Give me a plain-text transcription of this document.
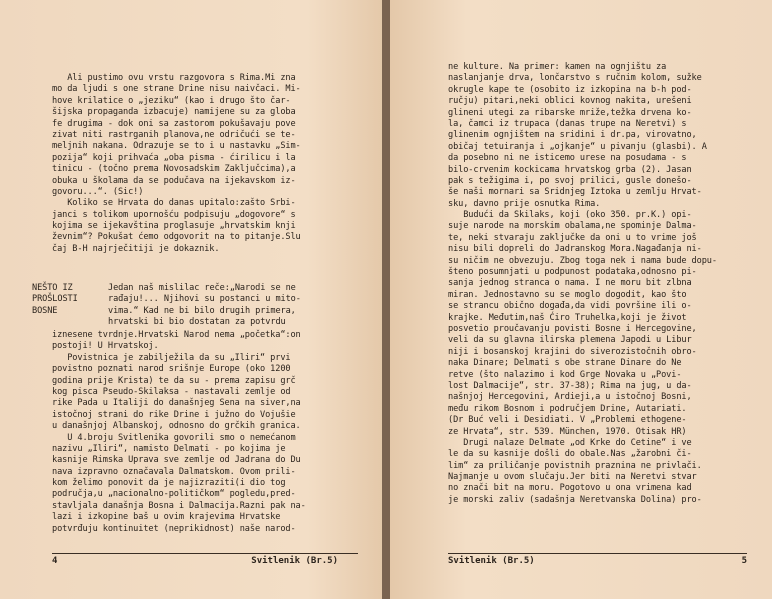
Ali pustimo ovu vrstu razgovora s Rima.Mi zna
mo da ljudi s one strane Drine nisu naivčaci. Mi-
hove krilatice o „jeziku“ (kao i drugo što čar-
šijska propaganda izbacuje) namijene su za globa
fe drugima - dok oni sa zastorom pokušavaju pove
zivat niti rastrganih planova,ne odričući se te-
meljnih nakana. Odrazuje se to i u nastavku „Sim-
pozija“ koji prihvaća „oba pisma - ćirilicu i la
tinicu - (točno prema Novosadskim Zaključcima),a
obuka u školama da se podučava na ijekavskom iz-
govoru...“. (Sic!)
Koliko se Hrvata do danas upitalo:zašto Srbi-
janci s tolikom upornošću podpisuju „dogovore“ s
kojima se ijekavština proglasuje „hrvatskim knji
ževnim“? Pokušat ćemo odgovorit na to pitanje.Slu
čaj B-H najrječitiji je dokaznik.
NEŠTO IZ
PROŠLOSTI
BOSNE
Jedan naš mislilac reče:„Narodi se ne
rađaju!... Njihovi su postanci u mito-
vima.“ Kad ne bi bilo drugih primera,
hrvatski bi bio dostatan za potvrdu
iznesene tvrdnje.Hrvatski Narod nema „početka“:on
postoji! U Hrvatskoj.
Povistnica je zabilježila da su „Iliri“ prvi
povistno poznati narod srišnje Europe (oko 1200
godina prije Krista) te da su - prema zapisu grč
kog pisca Pseudo-Skilaksa - nastavali zemlje od
rike Pada u Italiji do današnjeg Sena na siver,na
istočnoj strani do rike Drine i južno do Vojušie
u današnjoj Albanskoj, odnosno do grčkih granica.
U 4.broju Svitlenika govorili smo o nemećanom
nazivu „Iliri“, namisto Delmati - po kojima je
kasnije Rimska Uprava sve zemlje od Jadrana do Du
nava izpravno označavala Dalmatskom. Ovom prili-
kom želimo ponovit da je najizraziti(i dio tog
područja,u „nacionalno-političkom“ pogledu,pred-
stavljala današnja Bosna i Dalmacija.Razni pak na-
lazi i izkopine baš u ovim krajevima Hrvatske
potvrđuju kontinuitet (neprikidnost) naše narod-
4	Svitlenik (Br.5)
ne kulture. Na primer: kamen na ognjištu za
naslanjanje drva, lončarstvo s ručnim kolom, sužke
okrugle kape te (osobito iz izkopina na b-h pod-
ručju) pitari,neki oblici kovnog nakita, urešeni
glineni utegi za ribarske mriže,težka drvena ko-
la, čamci iz trupaca (danas trupe na Neretvi) s
glinenim ognjištem na sridini i dr.pa, virovatno,
običaj tetuiranja i „ojkanje“ u pivanju (glasbi). A
da posebno ni ne isticemo urese na posudama - s
bilo-crvenim kockicama hrvatskog grba (2). Jasan
pak s težigima i, po svoj prilici, gusle donešo-
še naši mornari sa Sridnjeg Iztoka u zemlju Hrvat-
sku, davno prije osnutka Rima.
Budući da Skilaks, koji (oko 350. pr.K.) opi-
suje narode na morskim obalama,ne spominje Dalma-
te, neki stvaraju zaključke da oni u to vrime još
nisu bili dopreli do Jadranskog Mora.Nagađanja ni-
su ničim ne obvezuju. Zbog toga nek i nama bude dopu-
šteno posumnjati u podpunost podataka,odnosno pi-
sanja jednog stranca o nama. I ne moru bit zlbna
miran. Jednostavno su se moglo dogodit, kao što
se strancu obično događa,da vidi površine ili o-
krajke. Međutim,naš Ćiro Truhelka,koji je život
posvetio proučavanju povisti Bosne i Hercegovine,
veli da su glavna ilirska plemena Japodi u Libur
niji i bosanskoj krajini do siverozistočnih obro-
naka Dinare; Delmati s obe strane Dinare do Ne
retve (što nalazimo i kod Grge Novaka u „Povi-
lost Dalmacije“, str. 37-38); Rima na jug, u da-
našnjoj Hercegovini, Ardieji,a u istočnoj Bosni,
među rikom Bosnom i područjem Drine, Autariati.
(Dr Buć veli i Desidiati. V „Problemi ethogene-
ze Hrvata“, str. 539. München, 1970. Otisak HR)
Drugi nalaze Delmate „od Krke do Cetine“ i ve
le da su kasnije došli do obale.Nas „žarobni či-
lim“ za priličanje povistnih praznina ne privlači.
Najmanje u ovom slučaju.Jer biti na Neretvi stvar
no znači bit na moru. Pogotovo u ona vrimena kad
je morski zaliv (sadašnja Neretvanska Dolina) pro-
Svitlenik (Br.5)	5
